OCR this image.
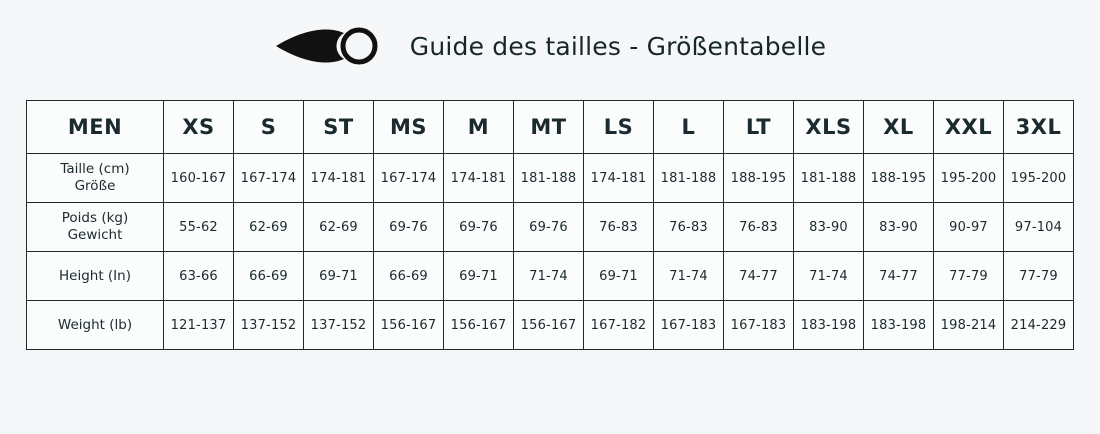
Guide des tailles - Größentabelle
MEN	XS	S	ST	MS	M	MT	LS	L	LT	XLS	XL	XXL	3XL
Taille (cm)
Größe	160-167	167-174	174-181	167-174	174-181	181-188	174-181	181-188	188-195	181-188	188-195	195-200	195-200

Poids (kg)
Gewicht	55-62	62-69	62-69	69-76	69-76	69-76	76-83	76-83	76-83	83-90	83-90	90-97	97-104

Height (In)	63-66	66-69	69-71	66-69	69-71	71-74	69-71	71-74	74-77	71-74	74-77	77-79	77-79

Weight (lb)	121-137	137-152	137-152	156-167	156-167	156-167	167-182	167-183	167-183	183-198	183-198	198-214	214-229
